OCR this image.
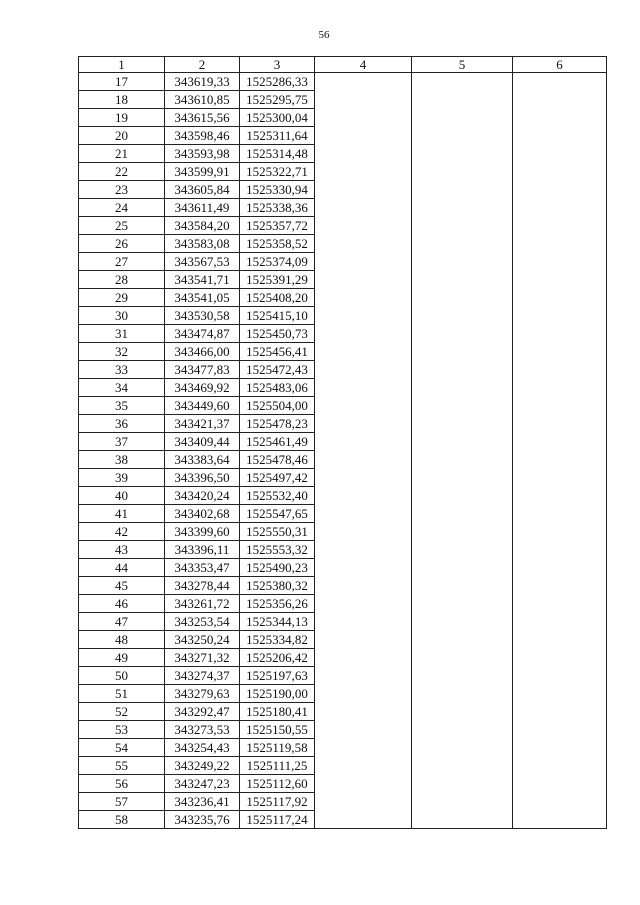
56
1	2	3	4	5	6
17	343619,33	1525286,33			
18	343610,85	1525295,75			
19	343615,56	1525300,04			
20	343598,46	1525311,64			
21	343593,98	1525314,48			
22	343599,91	1525322,71			
23	343605,84	1525330,94			
24	343611,49	1525338,36			
25	343584,20	1525357,72			
26	343583,08	1525358,52			
27	343567,53	1525374,09			
28	343541,71	1525391,29			
29	343541,05	1525408,20			
30	343530,58	1525415,10			
31	343474,87	1525450,73			
32	343466,00	1525456,41			
33	343477,83	1525472,43			
34	343469,92	1525483,06			
35	343449,60	1525504,00			
36	343421,37	1525478,23			
37	343409,44	1525461,49			
38	343383,64	1525478,46			
39	343396,50	1525497,42			
40	343420,24	1525532,40			
41	343402,68	1525547,65			
42	343399,60	1525550,31			
43	343396,11	1525553,32			
44	343353,47	1525490,23			
45	343278,44	1525380,32			
46	343261,72	1525356,26			
47	343253,54	1525344,13			
48	343250,24	1525334,82			
49	343271,32	1525206,42			
50	343274,37	1525197,63			
51	343279,63	1525190,00			
52	343292,47	1525180,41			
53	343273,53	1525150,55			
54	343254,43	1525119,58			
55	343249,22	1525111,25			
56	343247,23	1525112,60			
57	343236,41	1525117,92			
58	343235,76	1525117,24			
